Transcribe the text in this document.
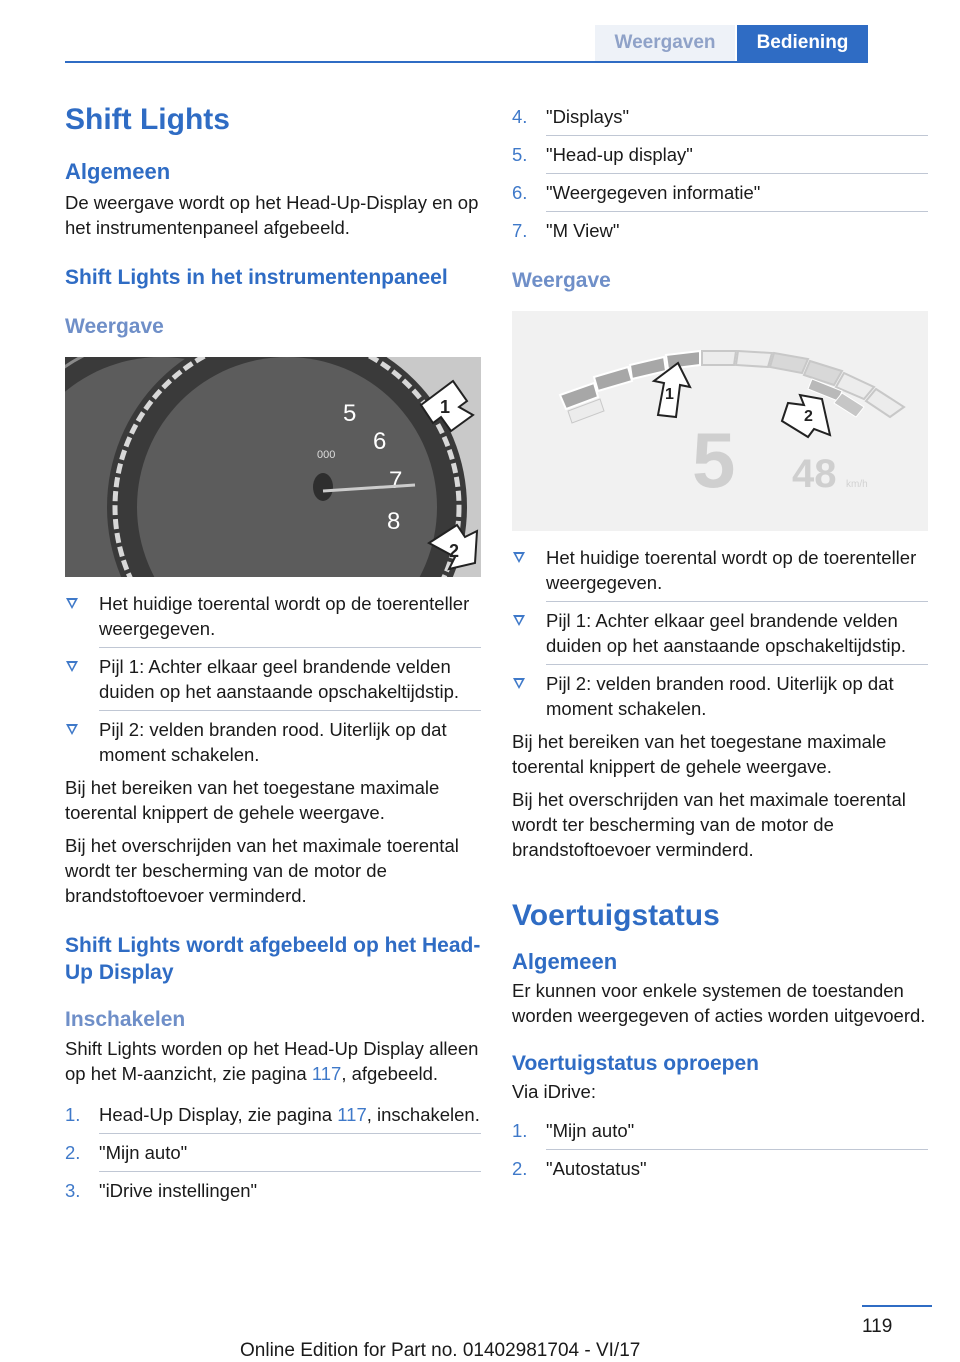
Weergaven	Bediening
Shift Lights
Algemeen
De weergave wordt op het Head-Up-Display en op het instrumentenpaneel afgebeeld.
Shift Lights in het instrumentenpaneel
Weergave
5
6
7
8
000
1
2
Het huidige toerental wordt op de toerenteller weergegeven.
Pijl 1: Achter elkaar geel brandende velden duiden op het aanstaande opschakeltijdstip.
Pijl 2: velden branden rood. Uiterlijk op dat moment schakelen.
Bij het bereiken van het toegestane maximale toerental knippert de gehele weergave.
Bij het overschrijden van het maximale toerental wordt ter bescherming van de motor de brandstoftoevoer verminderd.
Shift Lights wordt afgebeeld op het Head-Up Display
Inschakelen
Shift Lights worden op het Head-Up Display alleen op het M-aanzicht, zie pagina 117, afgebeeld.
1. Head-Up Display, zie pagina 117, inschakelen.
2. "Mijn auto"
3. "iDrive instellingen"
4. "Displays"
5. "Head-up display"
6. "Weergegeven informatie"
7. "M View"
Weergave
1
2
5 48 km/h
Het huidige toerental wordt op de toerenteller weergegeven.
Pijl 1: Achter elkaar geel brandende velden duiden op het aanstaande opschakeltijdstip.
Pijl 2: velden branden rood. Uiterlijk op dat moment schakelen.
Bij het bereiken van het toegestane maximale toerental knippert de gehele weergave.
Bij het overschrijden van het maximale toerental wordt ter bescherming van de motor de brandstoftoevoer verminderd.
Voertuigstatus
Algemeen
Er kunnen voor enkele systemen de toestanden worden weergegeven of acties worden uitgevoerd.
Voertuigstatus oproepen
Via iDrive:
1. "Mijn auto"
2. "Autostatus"
119
Online Edition for Part no. 01402981704 - VI/17
